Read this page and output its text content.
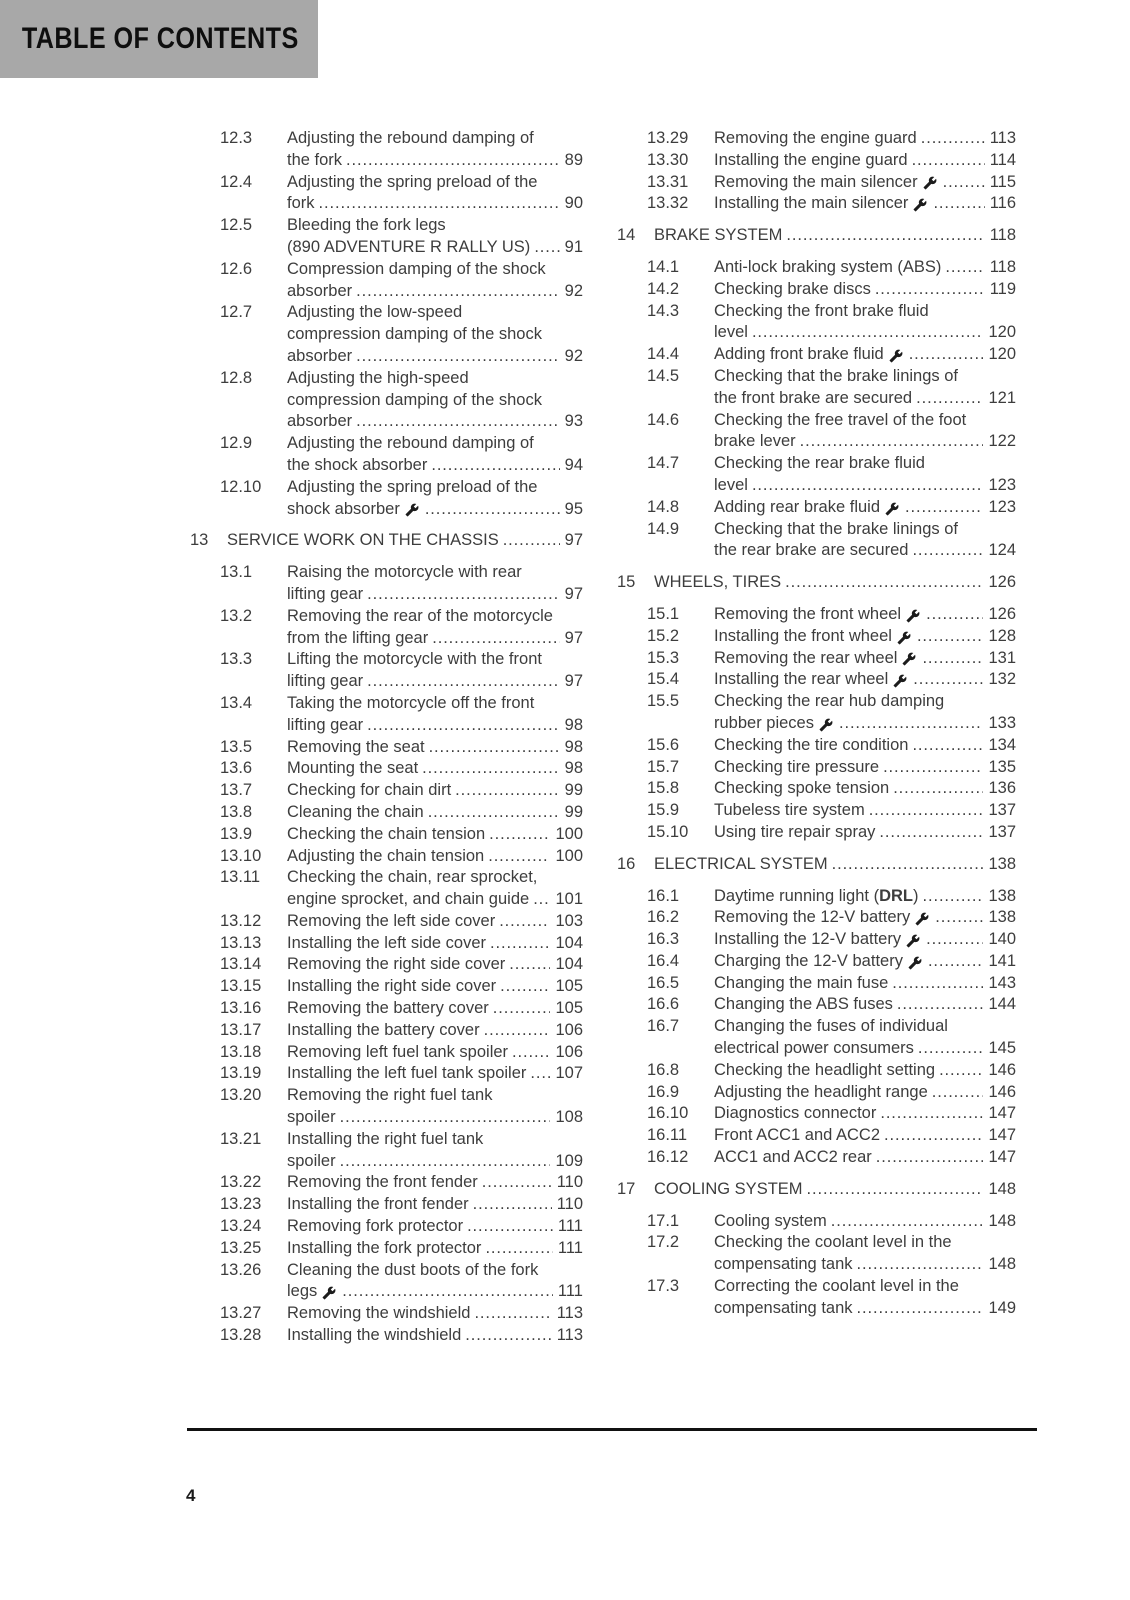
TABLE OF CONTENTS
12.3	Adjusting the rebound damping of
the fork .....	89
12.4	Adjusting the spring preload of the
fork .....	90
12.5	Bleeding the fork legs
(890 ADVENTURE R RALLY US) ..... 91
12.6	Compression damping of the shock
absorber .....	92
12.7	Adjusting the low-speed
compression damping of the shock
absorber .....	92
12.8	Adjusting the high-speed
compression damping of the shock
absorber .....	93
12.9	Adjusting the rebound damping of
the shock absorber .....	94
12.10	Adjusting the spring preload of the
shock absorber .....	95
13	SERVICE WORK ON THE CHASSIS .....	97
13.1	Raising the motorcycle with rear
lifting gear .....	97
13.2	Removing the rear of the motorcycle
from the lifting gear .....	97
13.3	Lifting the motorcycle with the front
lifting gear .....	97
13.4	Taking the motorcycle off the front
lifting gear .....	98
13.5	Removing the seat .....	98
13.6	Mounting the seat .....	98
13.7	Checking for chain dirt .....	99
13.8	Cleaning the chain .....	99
13.9	Checking the chain tension .....	100
13.10	Adjusting the chain tension .....	100
13.11	Checking the chain, rear sprocket,
engine sprocket, and chain guide ..... 101
13.12	Removing the left side cover .....	103
13.13	Installing the left side cover .....	104
13.14	Removing the right side cover .....	104
13.15	Installing the right side cover .....	105
13.16	Removing the battery cover .....	105
13.17	Installing the battery cover .....	106
13.18	Removing left fuel tank spoiler .....	106
13.19	Installing the left fuel tank spoiler ..... 107
13.20	Removing the right fuel tank
spoiler .....	108
13.21	Installing the right fuel tank
spoiler .....	109
13.22	Removing the front fender .....	110
13.23	Installing the front fender .....	110
13.24	Removing fork protector .....	111
13.25	Installing the fork protector .....	111
13.26	Cleaning the dust boots of the fork
legs .....	111
13.27	Removing the windshield .....	113
13.28	Installing the windshield .....	113
13.29	Removing the engine guard .....	113
13.30	Installing the engine guard .....	114
13.31	Removing the main silencer .....	115
13.32	Installing the main silencer .....	116
14	BRAKE SYSTEM .....	118
14.1	Anti-lock braking system (ABS) .....	118
14.2	Checking brake discs .....	119
14.3	Checking the front brake fluid
level .....	120
14.4	Adding front brake fluid .....	120
14.5	Checking that the brake linings of
the front brake are secured .....	121
14.6	Checking the free travel of the foot
brake lever .....	122
14.7	Checking the rear brake fluid
level .....	123
14.8	Adding rear brake fluid .....	123
14.9	Checking that the brake linings of
the rear brake are secured .....	124
15	WHEELS, TIRES .....	126
15.1	Removing the front wheel .....	126
15.2	Installing the front wheel .....	128
15.3	Removing the rear wheel .....	131
15.4	Installing the rear wheel .....	132
15.5	Checking the rear hub damping
rubber pieces .....	133
15.6	Checking the tire condition .....	134
15.7	Checking tire pressure .....	135
15.8	Checking spoke tension .....	136
15.9	Tubeless tire system .....	137
15.10	Using tire repair spray .....	137
16	ELECTRICAL SYSTEM .....	138
16.1	Daytime running light (DRL) .....	138
16.2	Removing the 12-V battery .....	138
16.3	Installing the 12-V battery .....	140
16.4	Charging the 12-V battery .....	141
16.5	Changing the main fuse .....	143
16.6	Changing the ABS fuses .....	144
16.7	Changing the fuses of individual
electrical power consumers .....	145
16.8	Checking the headlight setting .....	146
16.9	Adjusting the headlight range .....	146
16.10	Diagnostics connector .....	147
16.11	Front ACC1 and ACC2 .....	147
16.12	ACC1 and ACC2 rear .....	147
17	COOLING SYSTEM .....	148
17.1	Cooling system .....	148
17.2	Checking the coolant level in the
compensating tank .....	148
17.3	Correcting the coolant level in the
compensating tank .....	149
4
